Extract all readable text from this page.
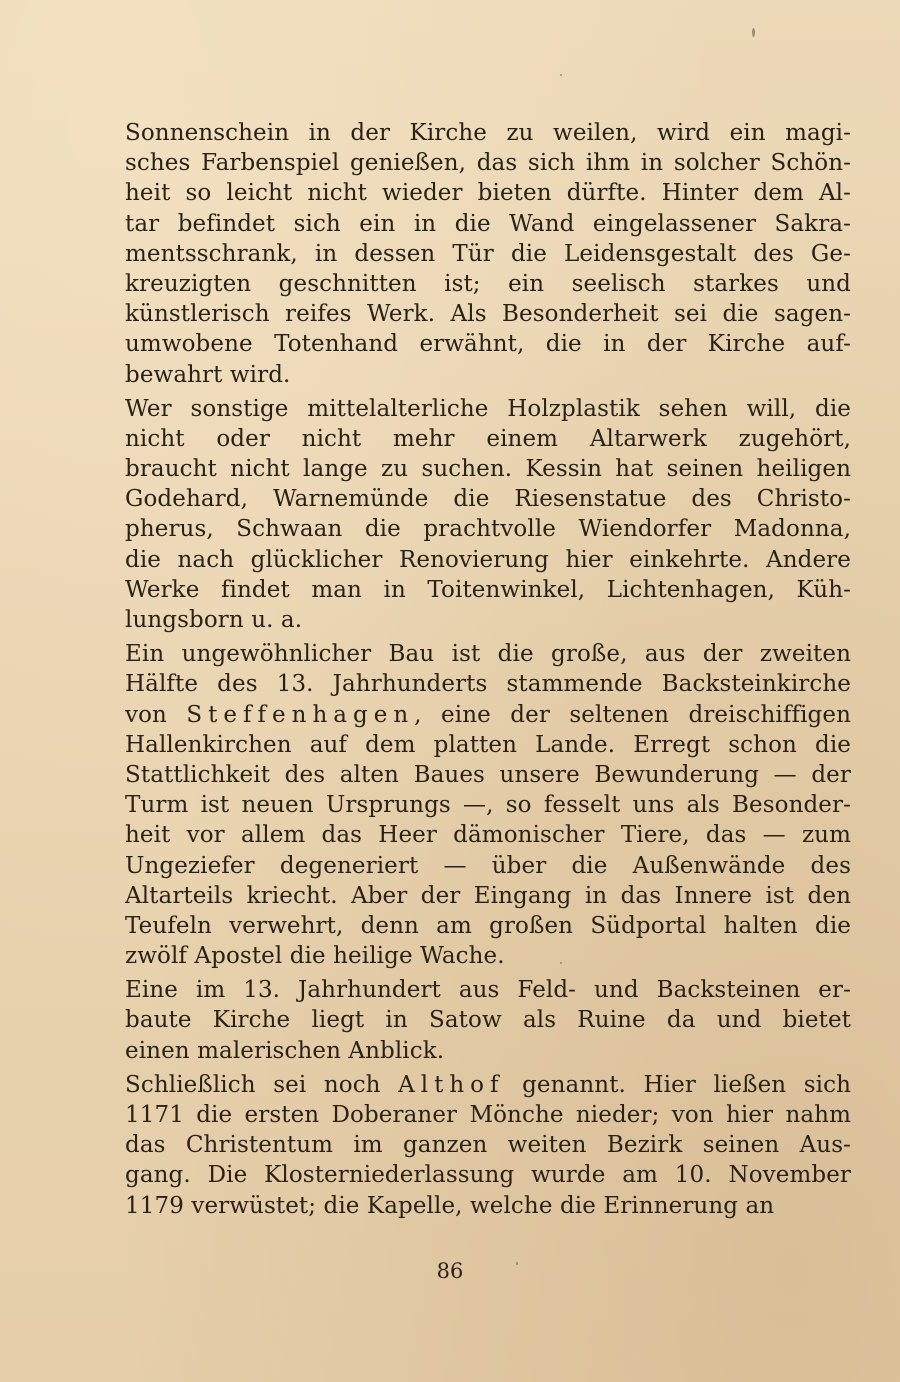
Sonnenschein in der Kirche zu weilen, wird ein magi-
sches Farbenspiel genießen, das sich ihm in solcher Schön-
heit so leicht nicht wieder bieten dürfte. Hinter dem Al-
tar befindet sich ein in die Wand eingelassener Sakra-
mentsschrank, in dessen Tür die Leidensgestalt des Ge-
kreuzigten geschnitten ist; ein seelisch starkes und
künstlerisch reifes Werk. Als Besonderheit sei die sagen-
umwobene Totenhand erwähnt, die in der Kirche auf-
bewahrt wird.
Wer sonstige mittelalterliche Holzplastik sehen will, die
nicht oder nicht mehr einem Altarwerk zugehört,
braucht nicht lange zu suchen. Kessin hat seinen heiligen
Godehard, Warnemünde die Riesenstatue des Christo-
pherus, Schwaan die prachtvolle Wiendorfer Madonna,
die nach glücklicher Renovierung hier einkehrte. Andere
Werke findet man in Toitenwinkel, Lichtenhagen, Küh-
lungsborn u. a.
Ein ungewöhnlicher Bau ist die große, aus der zweiten
Hälfte des 13. Jahrhunderts stammende Backsteinkirche
von Steffenhagen, eine der seltenen dreischiffigen
Hallenkirchen auf dem platten Lande. Erregt schon die
Stattlichkeit des alten Baues unsere Bewunderung — der
Turm ist neuen Ursprungs —, so fesselt uns als Besonder-
heit vor allem das Heer dämonischer Tiere, das — zum
Ungeziefer degeneriert — über die Außenwände des
Altarteils kriecht. Aber der Eingang in das Innere ist den
Teufeln verwehrt, denn am großen Südportal halten die
zwölf Apostel die heilige Wache.
Eine im 13. Jahrhundert aus Feld- und Backsteinen er-
baute Kirche liegt in Satow als Ruine da und bietet
einen malerischen Anblick.
Schließlich sei noch Althof genannt. Hier ließen sich
1171 die ersten Doberaner Mönche nieder; von hier nahm
das Christentum im ganzen weiten Bezirk seinen Aus-
gang. Die Klosterniederlassung wurde am 10. November
1179 verwüstet; die Kapelle, welche die Erinnerung an
86
